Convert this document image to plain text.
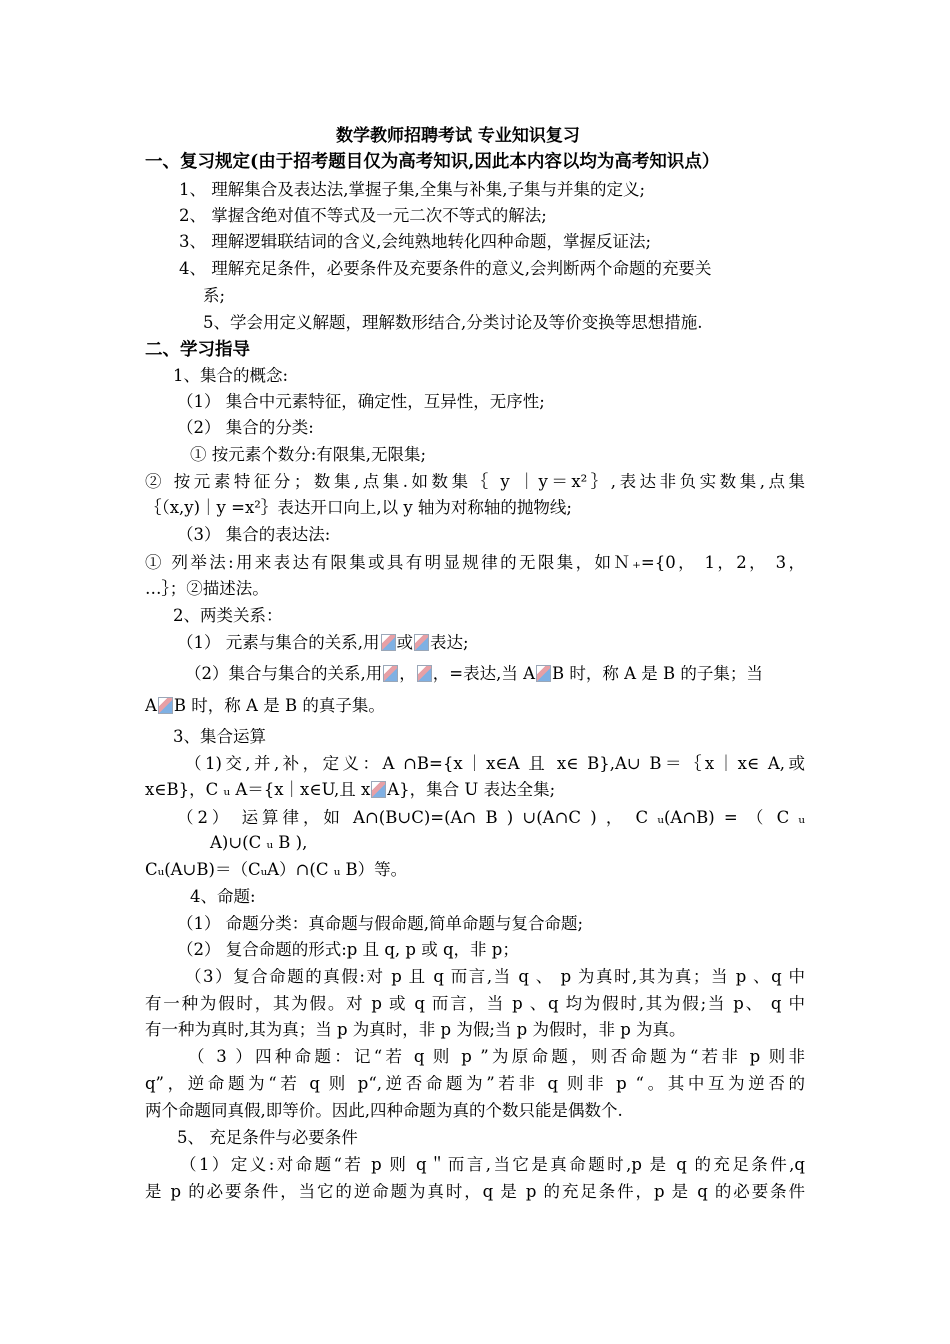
数学教师招聘考试 专业知识复习
一、复习规定(由于招考题目仅为高考知识,因此本内容以均为高考知识点）
1、 理解集合及表达法,掌握子集,全集与补集,子集与并集的定义;
2、 掌握含绝对值不等式及一元二次不等式的解法;
3、 理解逻辑联结词的含义,会纯熟地转化四种命题，掌握反证法;
4、 理解充足条件，必要条件及充要条件的意义,会判断两个命题的充要关
系;
5、学会用定义解题，理解数形结合,分类讨论及等价变换等思想措施.
二、学习指导
1、集合的概念:
（1） 集合中元素特征，确定性，互异性，无序性;
（2） 集合的分类:
① 按元素个数分:有限集,无限集;
② 按元素特征分；数集,点集.如数集｛ y ｜y＝x²｝,表达非负实数集,点集
｛（x,y)｜y =x²｝表达开口向上,以 y 轴为对称轴的抛物线;
（3） 集合的表达法:
① 列举法:用来表达有限集或具有明显规律的无限集，如Ｎ₊={0， 1，2， 3，
…｝；②描述法。
2、两类关系：
（1） 元素与集合的关系,用 或 表达;
（2）集合与集合的关系,用 ， ，=表达,当 A B 时，称 A 是 B 的子集；当
A B 时，称 A 是 B 的真子集。
3、集合运算
（1)交,并,补，定义：A ∩B={x｜x∈A 且 x∈ B},A∪ B＝｛x｜x∈ A,或
x∈B}，C ᵤ A＝{x｜x∈U,且 x A}，集合 U 表达全集;
（2） 运算律，如 A∩(B∪C)=(A∩ B ) ∪(A∩C ) ， C ᵤ(A∩B) = （ C ᵤ
A)∪(C ᵤ B ),
Cᵤ(A∪B)＝（CᵤA）∩(C ᵤ B）等。
4、命题:
（1） 命题分类：真命题与假命题,简单命题与复合命题;
（2） 复合命题的形式:p 且 q, p 或 q，非 p；
（3）复合命题的真假:对 p 且 q 而言,当 q 、 p 为真时,其为真；当 p 、q 中
有一种为假时，其为假。对 p 或 q 而言，当 p 、q 均为假时,其为假;当 p、 q 中
有一种为真时,其为真；当 p 为真时，非 p 为假;当 p 为假时，非 p 为真。
（ 3 ）四种命题：记“若 q 则 p ”为原命题，则否命题为“若非 p 则非
q”，逆命题为“若 q 则 p“,逆否命题为”若非 q 则非 p “。其中互为逆否的
两个命题同真假,即等价。因此,四种命题为真的个数只能是偶数个.
5、 充足条件与必要条件
（1）定义:对命题“若 p 则 q＂而言,当它是真命题时,p 是 q 的充足条件,q
是 p 的必要条件，当它的逆命题为真时，q 是 p 的充足条件，p 是 q 的必要条件
